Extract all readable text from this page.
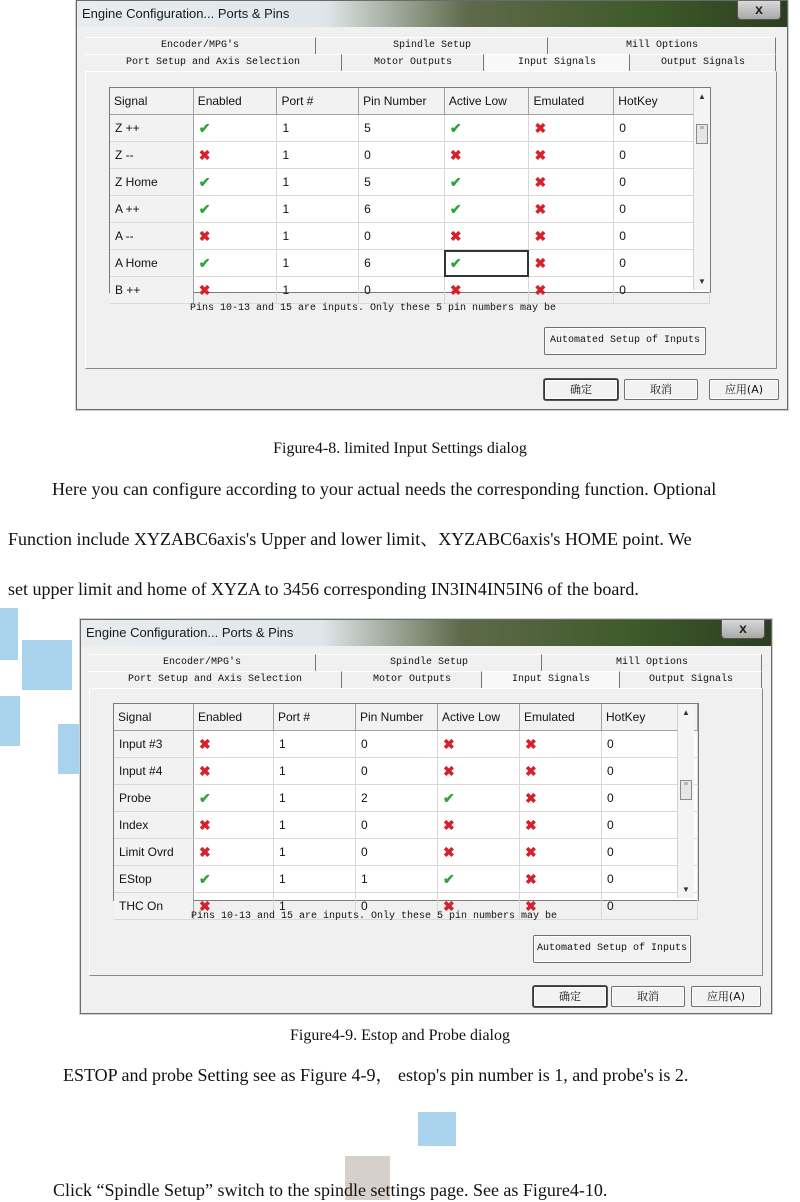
Engine Configuration... Ports & Pins	x
Encoder/MPG's	Spindle Setup	Mill Options
Port Setup and Axis Selection	Motor Outputs	Input Signals	Output Signals
Signal	Enabled	Port #	Pin Number	Active Low	Emulated	HotKey
Z ++	✔	1	5	✔	✖	0
Z --	✖	1	0	✖	✖	0
Z Home	✔	1	5	✔	✖	0
A ++	✔	1	6	✔	✖	0
A --	✖	1	0	✖	✖	0
A Home	✔	1	6	✔	✖	0
B ++	✖	1	0	✖	✖	0
▲
≡
▼
Pins 10-13 and 15 are inputs. Only these 5 pin numbers may be
Automated Setup of Inputs
确定	取消	应用(A)
Figure4-8. limited Input Settings dialog
Here you can configure according to your actual needs the corresponding function. Optional
Function include XYZABC6axis's Upper and lower limit、XYZABC6axis's HOME point. We
set upper limit and home of XYZA to 3456 corresponding IN3IN4IN5IN6 of the board.
Engine Configuration... Ports & Pins	x
Encoder/MPG's	Spindle Setup	Mill Options
Port Setup and Axis Selection	Motor Outputs	Input Signals	Output Signals
Signal	Enabled	Port #	Pin Number	Active Low	Emulated	HotKey
Input #3	✖	1	0	✖	✖	0
Input #4	✖	1	0	✖	✖	0
Probe	✔	1	2	✔	✖	0
Index	✖	1	0	✖	✖	0
Limit Ovrd	✖	1	0	✖	✖	0
EStop	✔	1	1	✔	✖	0
THC On	✖	1	0	✖	✖	0
▲
≡
▼
Pins 10-13 and 15 are inputs. Only these 5 pin numbers may be
Automated Setup of Inputs
确定	取消	应用(A)
Figure4-9. Estop and Probe dialog
ESTOP and probe Setting see as Figure 4-9， estop's pin number is 1, and probe's is 2.
Click “Spindle Setup” switch to the spindle settings page. See as Figure4-10.
